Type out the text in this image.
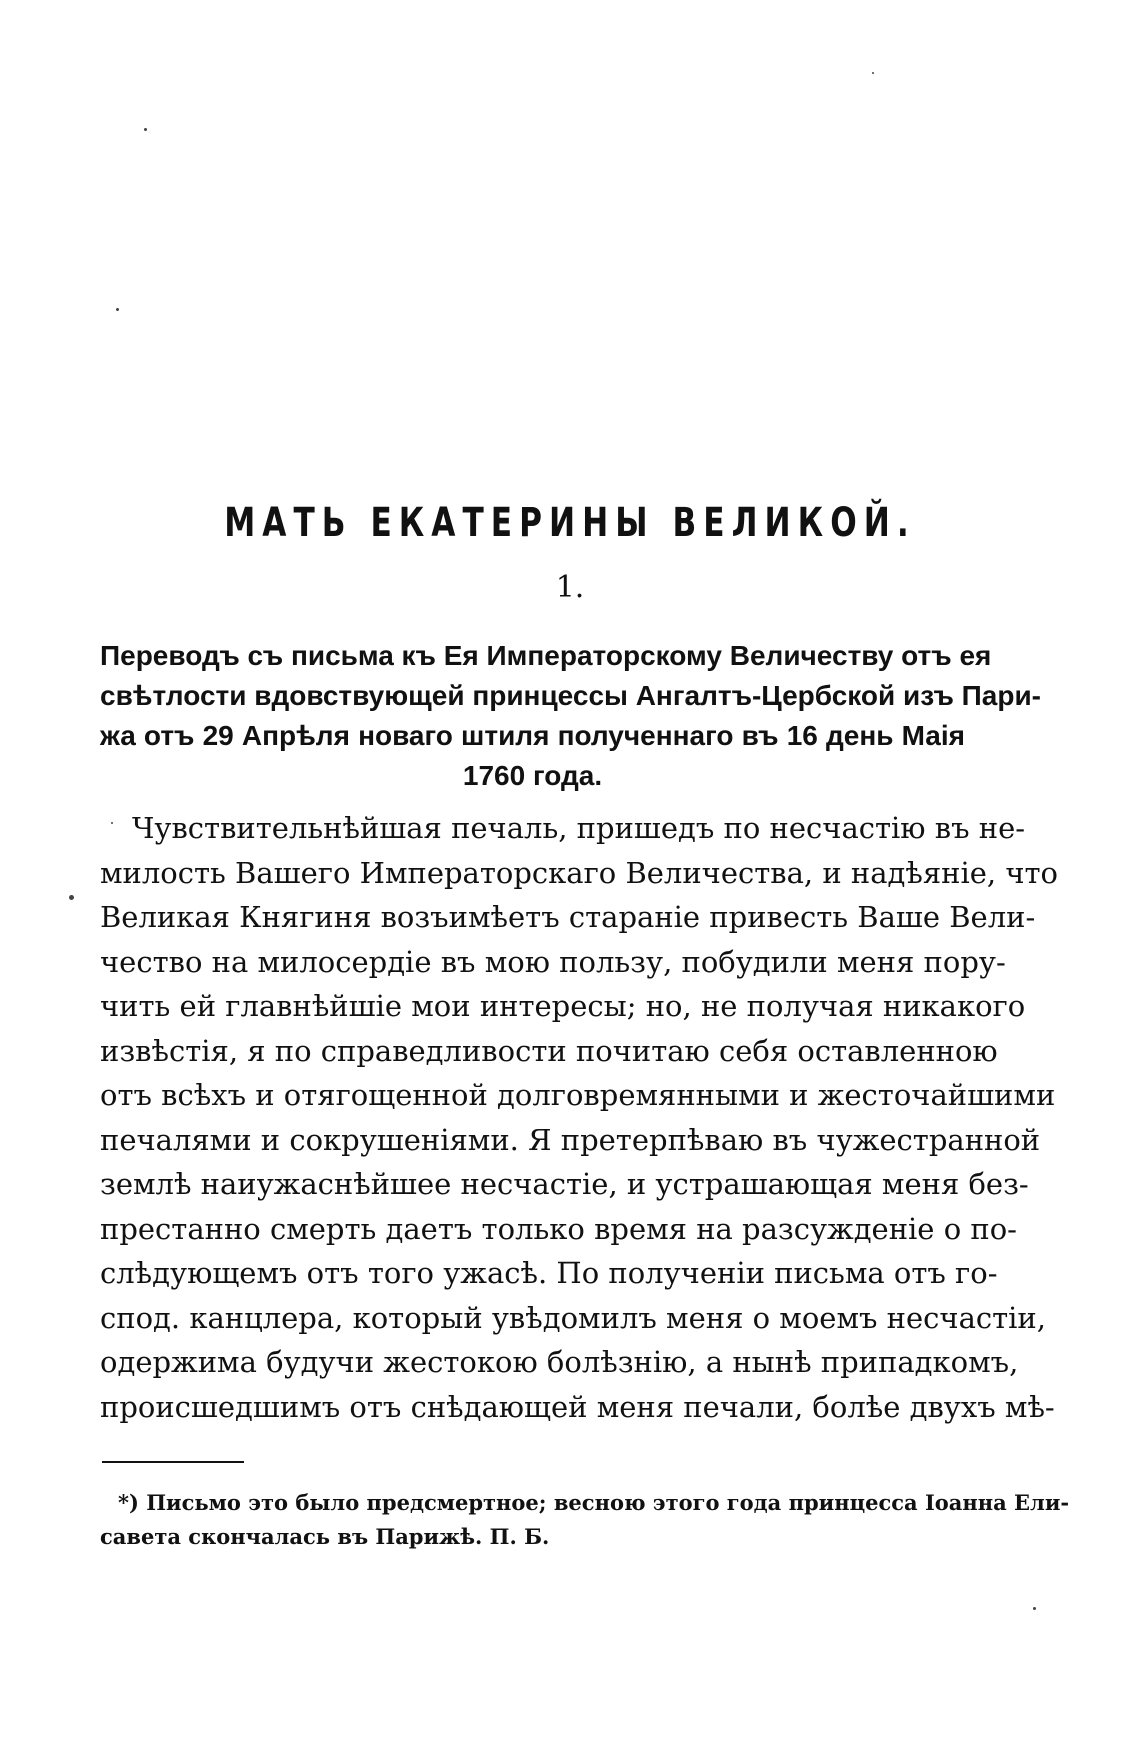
МАТЬ ЕКАТЕРИНЫ ВЕЛИКОЙ.
1.
Переводъ съ письма къ Ея Императорскому Величеству отъ ея
свѣтлости вдовствующей принцессы Ангалтъ-Цербской изъ Пари-
жа отъ 29 Апрѣля новаго штиля полученнаго въ 16 день Маія
1760 года.
Чувствительнѣйшая печаль, пришедъ по несчастію въ не-
милость Вашего Императорскаго Величества, и надѣяніе, что
Великая Княгиня возъимѣетъ стараніе привесть Ваше Вели-
чество на милосердіе въ мою пользу, побудили меня пору-
чить ей главнѣйшіе мои интересы; но, не получая никакого
извѣстія, я по справедливости почитаю себя оставленною
отъ всѣхъ и отягощенной долговремянными и жесточайшими
печалями и сокрушеніями. Я претерпѣваю въ чужестранной
землѣ наиужаснѣйшее несчастіе, и устрашающая меня без-
престанно смерть даетъ только время на разсужденіе о по-
слѣдующемъ отъ того ужасѣ. По полученіи письма отъ го-
спод. канцлера, который увѣдомилъ меня о моемъ несчастіи,
одержима будучи жестокою болѣзнію, а нынѣ припадкомъ,
происшедшимъ отъ снѣдающей меня печали, болѣе двухъ мѣ-
*) Письмо это было предсмертное; весною этого года принцесса Іоанна Ели-
савета скончалась въ Парижѣ. П. Б.
